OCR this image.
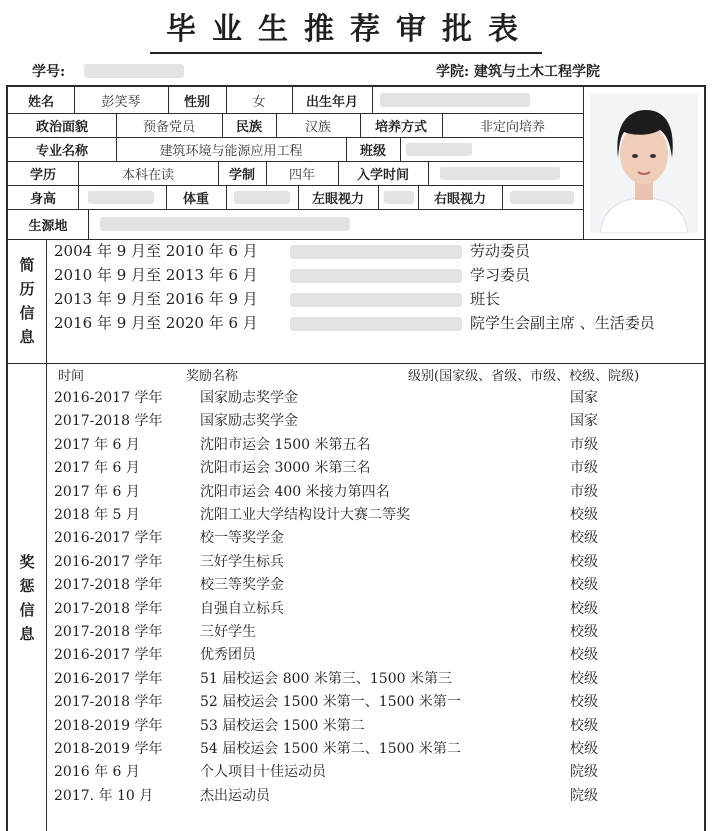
毕业生推荐审批表
学号:	学院: 建筑与土木工程学院
姓名	彭笑琴	性别	女	出生年月
政治面貌	预备党员	民族	汉族	培养方式	非定向培养
专业名称	建筑环境与能源应用工程	班级
学历	本科在读	学制	四年	入学时间
身高	体重	左眼视力	右眼视力
生源地
简
历
信
息
2004 年 9 月至 2010 年 6 月	劳动委员
2010 年 9 月至 2013 年 6 月	学习委员
2013 年 9 月至 2016 年 9 月	班长
2016 年 9 月至 2020 年 6 月	院学生会副主席 、生活委员
奖
惩
信
息
时间	奖励名称	级别(国家级、省级、市级、校级、院级)
2016-2017 学年	国家励志奖学金	国家
2017-2018 学年	国家励志奖学金	国家
2017 年 6 月	沈阳市运会 1500 米第五名	市级
2017 年 6 月	沈阳市运会 3000 米第三名	市级
2017 年 6 月	沈阳市运会 400 米接力第四名	市级
2018 年 5 月	沈阳工业大学结构设计大赛二等奖	校级
2016-2017 学年	校一等奖学金	校级
2016-2017 学年	三好学生标兵	校级
2017-2018 学年	校三等奖学金	校级
2017-2018 学年	自强自立标兵	校级
2017-2018 学年	三好学生	校级
2016-2017 学年	优秀团员	校级
2016-2017 学年	51 届校运会 800 米第三、1500 米第三	校级
2017-2018 学年	52 届校运会 1500 米第一、1500 米第一	校级
2018-2019 学年	53 届校运会 1500 米第二	校级
2018-2019 学年	54 届校运会 1500 米第二、1500 米第二	校级
2016 年 6 月	个人项目十佳运动员	院级
2017. 年 10 月	杰出运动员	院级
